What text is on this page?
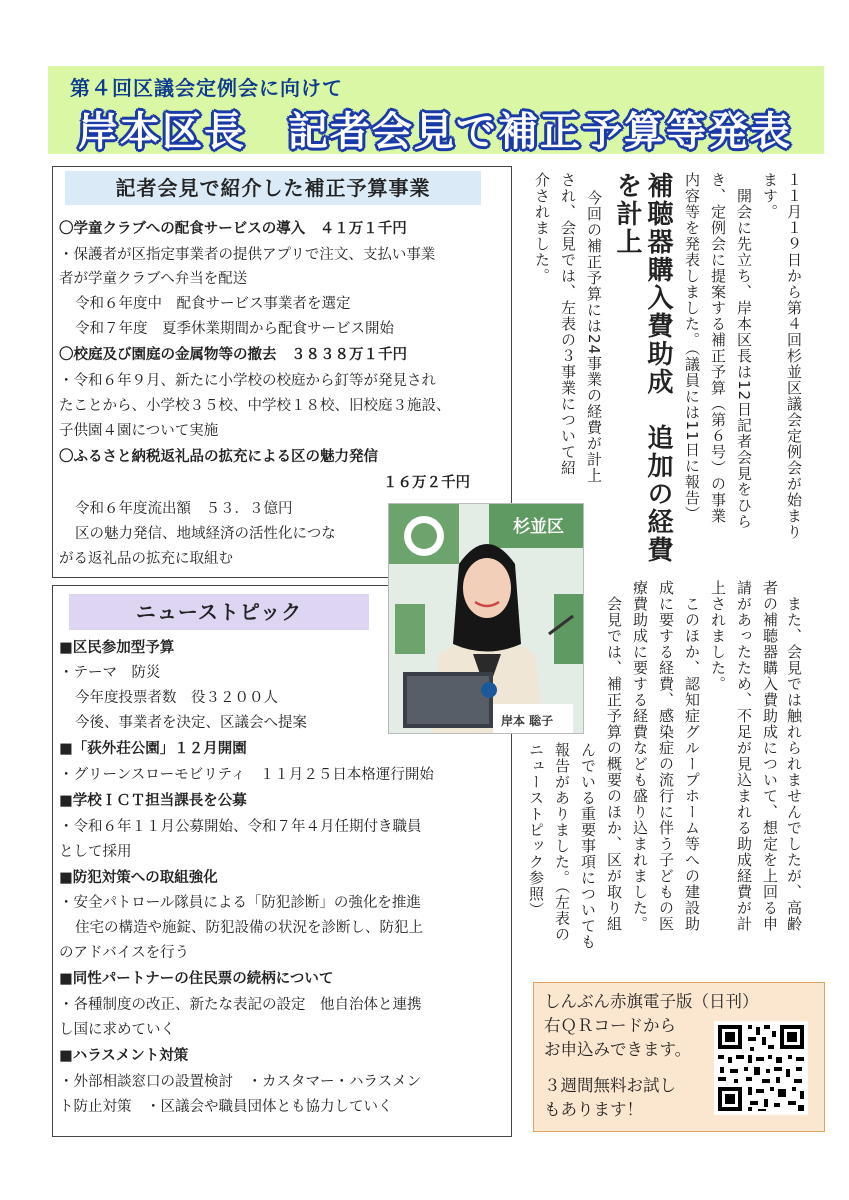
第４回区議会定例会に向けて
岸本区長　記者会見で補正予算等発表
記者会見で紹介した補正予算事業
〇学童クラブへの配食サービスの導入　４１万１千円
・保護者が区指定事業者の提供アプリで注文、支払い事業
者が学童クラブへ弁当を配送
令和６年度中　配食サービス事業者を選定
令和７年度　夏季休業期間から配食サービス開始
〇校庭及び園庭の金属物等の撤去　３８３８万１千円
・令和６年９月、新たに小学校の校庭から釘等が発見され
たことから、小学校３５校、中学校１８校、旧校庭３施設、
子供園４園について実施
〇ふるさと納税返礼品の拡充による区の魅力発信
１６万２千円
令和６年度流出額　５３．３億円
区の魅力発信、地域経済の活性化につな
がる返礼品の拡充に取組む
ニューストピック
■区民参加型予算
・テーマ　防災
今年度投票者数　役３２００人
今後、事業者を決定、区議会へ提案
■「荻外荘公園」１２月開園
・グリーンスローモビリティ　１１月２５日本格運行開始
■学校ＩＣＴ担当課長を公募
・令和６年１１月公募開始、令和７年４月任期付き職員
として採用
■防犯対策への取組強化
・安全パトロール隊員による「防犯診断」の強化を推進
住宅の構造や施錠、防犯設備の状況を診断し、防犯上
のアドバイスを行う
■同性パートナーの住民票の続柄について
・各種制度の改正、新たな表記の設定　他自治体と連携
し国に求めていく
■ハラスメント対策
・外部相談窓口の設置検討　・カスタマー・ハラスメン
ト防止対策　・区議会や職員団体とも協力していく
１１月１９日から第４回杉並区議会定例会が始まり
ます。
開会に先立ち、岸本区長は12日記者会見をひら
き、定例会に提案する補正予算（第６号）の事業
内容等を発表しました。（議員には11日に報告）
補聴器購入費助成　追加の経費
を計上
今回の補正予算には24事業の経費が計上
され、会見では、左表の３事業について紹
介されました。
また、会見では触れられませんでしたが、高齢
者の補聴器購入費助成について、想定を上回る申
請があったため、不足が見込まれる助成経費が計
上されました。
このほか、認知症グループホーム等への建設助
成に要する経費、感染症の流行に伴う子どもの医
療費助成に要する経費なども盛り込まれました。
会見では、補正予算の概要のほか、区が取り組
んでいる重要事項についても
報告がありました。（左表の
ニューストピック参照）
杉並区
岸本 聡子
しんぶん赤旗電子版（日刊）
右ＱＲコードから
お申込みできます。
３週間無料お試し
もあります！
